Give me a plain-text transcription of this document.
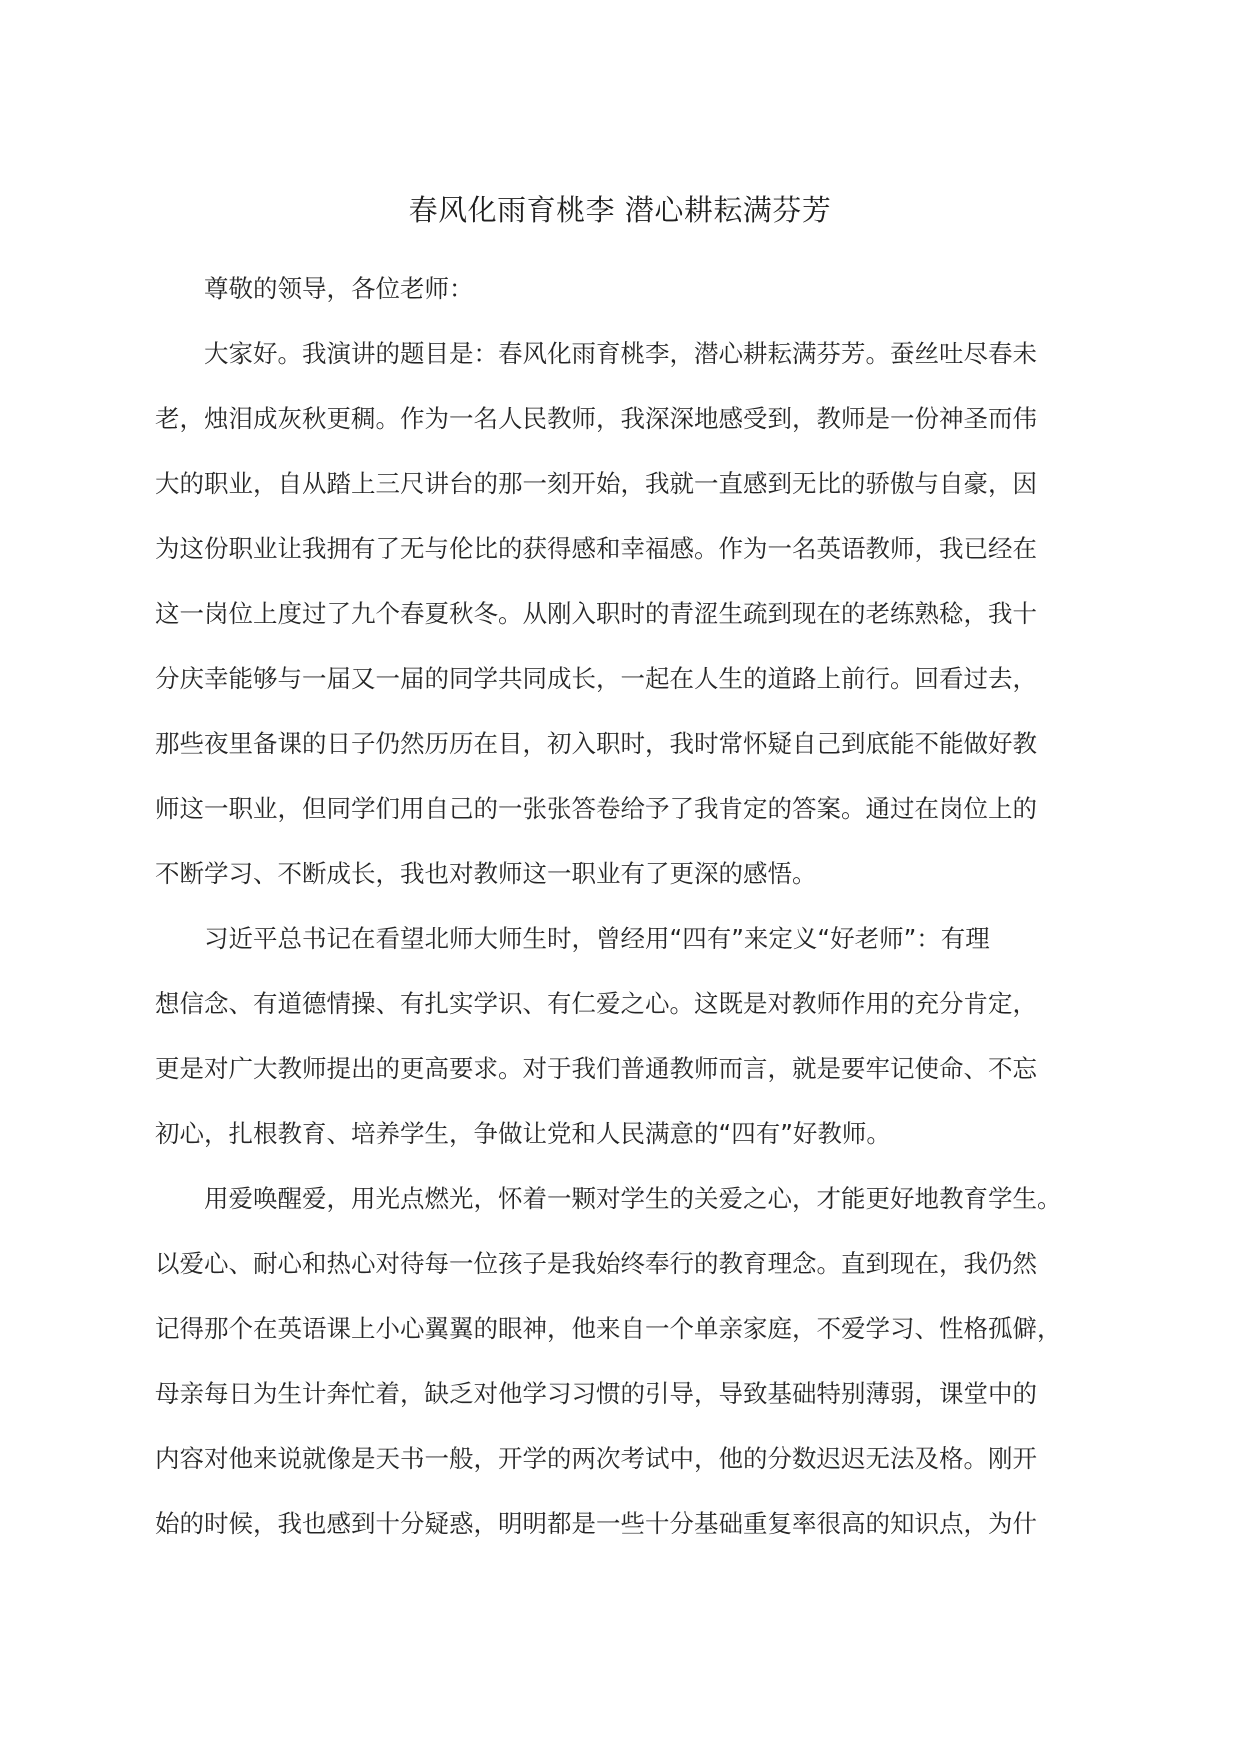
春风化雨育桃李 潜心耕耘满芬芳

尊敬的领导，各位老师：

大家好。我演讲的题目是：春风化雨育桃李，潜心耕耘满芬芳。蚕丝吐尽春未
老，烛泪成灰秋更稠。作为一名人民教师，我深深地感受到，教师是一份神圣而伟
大的职业，自从踏上三尺讲台的那一刻开始，我就一直感到无比的骄傲与自豪，因
为这份职业让我拥有了无与伦比的获得感和幸福感。作为一名英语教师，我已经在
这一岗位上度过了九个春夏秋冬。从刚入职时的青涩生疏到现在的老练熟稔，我十
分庆幸能够与一届又一届的同学共同成长，一起在人生的道路上前行。回看过去，
那些夜里备课的日子仍然历历在目，初入职时，我时常怀疑自己到底能不能做好教
师这一职业，但同学们用自己的一张张答卷给予了我肯定的答案。通过在岗位上的
不断学习、不断成长，我也对教师这一职业有了更深的感悟。

习近平总书记在看望北师大师生时，曾经用“四有”来定义“好老师”：有理
想信念、有道德情操、有扎实学识、有仁爱之心。这既是对教师作用的充分肯定，
更是对广大教师提出的更高要求。对于我们普通教师而言，就是要牢记使命、不忘
初心，扎根教育、培养学生，争做让党和人民满意的“四有”好教师。

用爱唤醒爱，用光点燃光，怀着一颗对学生的关爱之心，才能更好地教育学生。
以爱心、耐心和热心对待每一位孩子是我始终奉行的教育理念。直到现在，我仍然
记得那个在英语课上小心翼翼的眼神，他来自一个单亲家庭，不爱学习、性格孤僻，
母亲每日为生计奔忙着，缺乏对他学习习惯的引导，导致基础特别薄弱，课堂中的
内容对他来说就像是天书一般，开学的两次考试中，他的分数迟迟无法及格。刚开
始的时候，我也感到十分疑惑，明明都是一些十分基础重复率很高的知识点，为什
